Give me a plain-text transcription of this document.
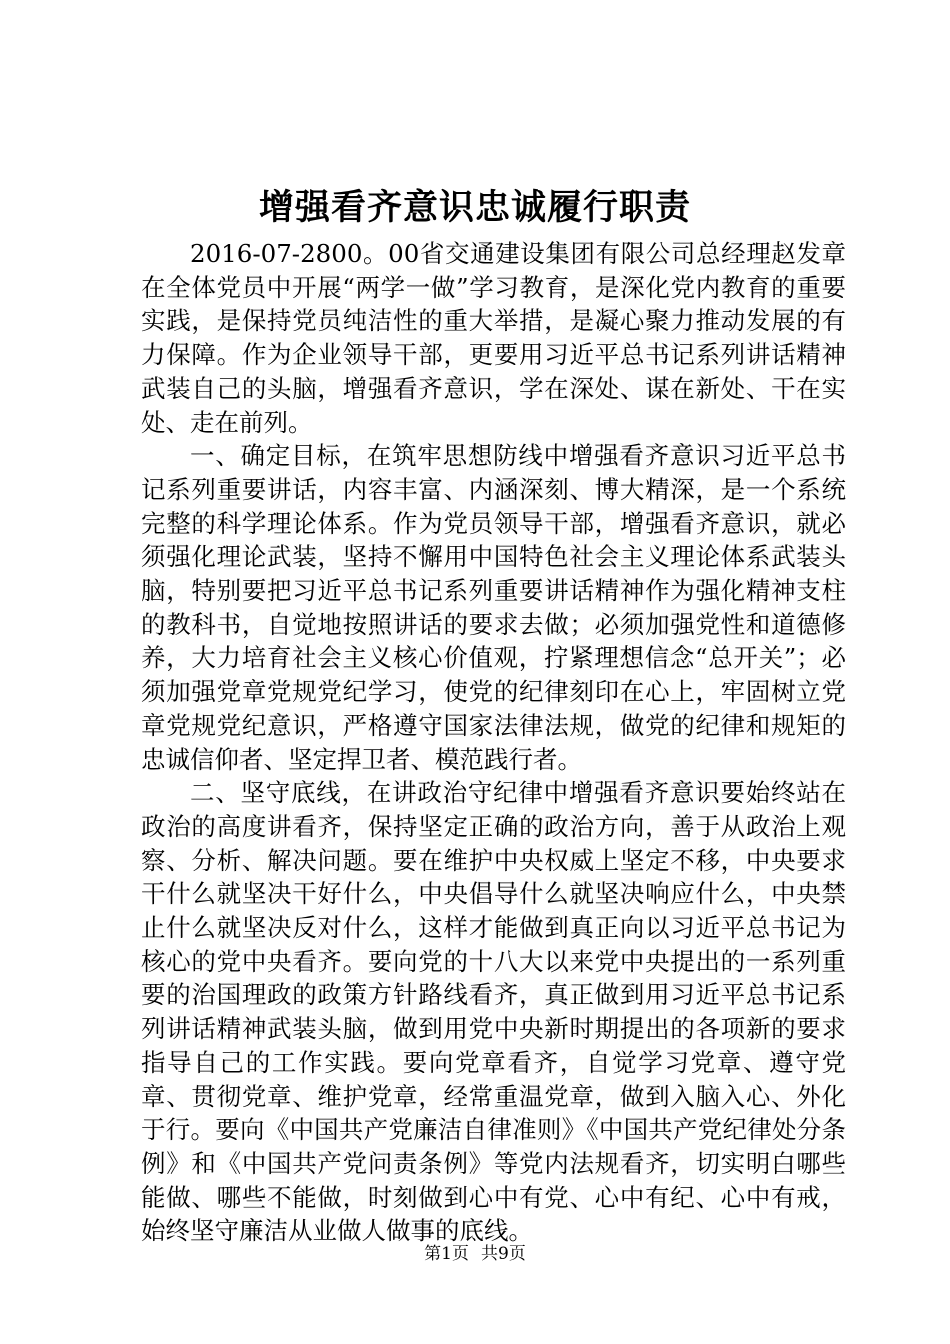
增强看齐意识忠诚履行职责

2016-07-2800。00省交通建设集团有限公司总经理赵发章在全体党员中开展“两学一做”学习教育，是深化党内教育的重要实践，是保持党员纯洁性的重大举措，是凝心聚力推动发展的有力保障。作为企业领导干部，更要用习近平总书记系列讲话精神武装自己的头脑，增强看齐意识，学在深处、谋在新处、干在实处、走在前列。

一、确定目标，在筑牢思想防线中增强看齐意识习近平总书记系列重要讲话，内容丰富、内涵深刻、博大精深，是一个系统完整的科学理论体系。作为党员领导干部，增强看齐意识，就必须强化理论武装，坚持不懈用中国特色社会主义理论体系武装头脑，特别要把习近平总书记系列重要讲话精神作为强化精神支柱的教科书，自觉地按照讲话的要求去做；必须加强党性和道德修养，大力培育社会主义核心价值观，拧紧理想信念“总开关”；必须加强党章党规党纪学习，使党的纪律刻印在心上，牢固树立党章党规党纪意识，严格遵守国家法律法规，做党的纪律和规矩的忠诚信仰者、坚定捍卫者、模范践行者。

二、坚守底线，在讲政治守纪律中增强看齐意识要始终站在政治的高度讲看齐，保持坚定正确的政治方向，善于从政治上观察、分析、解决问题。要在维护中央权威上坚定不移，中央要求干什么就坚决干好什么，中央倡导什么就坚决响应什么，中央禁止什么就坚决反对什么，这样才能做到真正向以习近平总书记为核心的党中央看齐。要向党的十八大以来党中央提出的一系列重要的治国理政的政策方针路线看齐，真正做到用习近平总书记系列讲话精神武装头脑，做到用党中央新时期提出的各项新的要求指导自己的工作实践。要向党章看齐，自觉学习党章、遵守党章、贯彻党章、维护党章，经常重温党章，做到入脑入心、外化于行。要向《中国共产党廉洁自律准则》《中国共产党纪律处分条例》和《中国共产党问责条例》等党内法规看齐，切实明白哪些能做、哪些不能做，时刻做到心中有党、心中有纪、心中有戒，始终坚守廉洁从业做人做事的底线。

第1页 共9页
